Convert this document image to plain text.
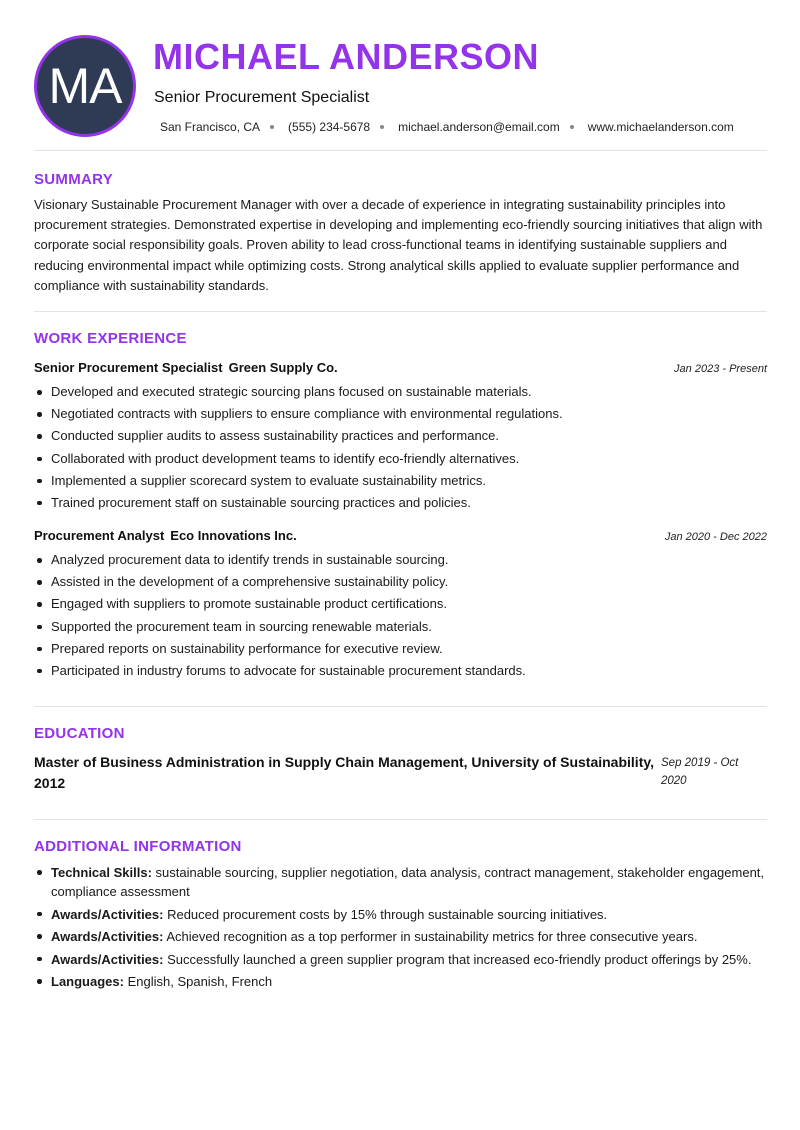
MA
MICHAEL ANDERSON
Senior Procurement Specialist
San Francisco, CA (555) 234-5678 michael.anderson@email.com www.michaelanderson.com
SUMMARY
Visionary Sustainable Procurement Manager with over a decade of experience in integrating sustainability principles into procurement strategies. Demonstrated expertise in developing and implementing eco-friendly sourcing initiatives that align with corporate social responsibility goals. Proven ability to lead cross-functional teams in identifying sustainable suppliers and reducing environmental impact while optimizing costs. Strong analytical skills applied to evaluate supplier performance and compliance with sustainability standards.
WORK EXPERIENCE
Senior Procurement Specialist Green Supply Co.	Jan 2023 - Present
Developed and executed strategic sourcing plans focused on sustainable materials.
Negotiated contracts with suppliers to ensure compliance with environmental regulations.
Conducted supplier audits to assess sustainability practices and performance.
Collaborated with product development teams to identify eco-friendly alternatives.
Implemented a supplier scorecard system to evaluate sustainability metrics.
Trained procurement staff on sustainable sourcing practices and policies.
Procurement Analyst Eco Innovations Inc.	Jan 2020 - Dec 2022
Analyzed procurement data to identify trends in sustainable sourcing.
Assisted in the development of a comprehensive sustainability policy.
Engaged with suppliers to promote sustainable product certifications.
Supported the procurement team in sourcing renewable materials.
Prepared reports on sustainability performance for executive review.
Participated in industry forums to advocate for sustainable procurement standards.
EDUCATION
Master of Business Administration in Supply Chain Management, University of Sustainability, 2012
Sep 2019 - Oct 2020
ADDITIONAL INFORMATION
Technical Skills: sustainable sourcing, supplier negotiation, data analysis, contract management, stakeholder engagement, compliance assessment
Awards/Activities: Reduced procurement costs by 15% through sustainable sourcing initiatives.
Awards/Activities: Achieved recognition as a top performer in sustainability metrics for three consecutive years.
Awards/Activities: Successfully launched a green supplier program that increased eco-friendly product offerings by 25%.
Languages: English, Spanish, French
